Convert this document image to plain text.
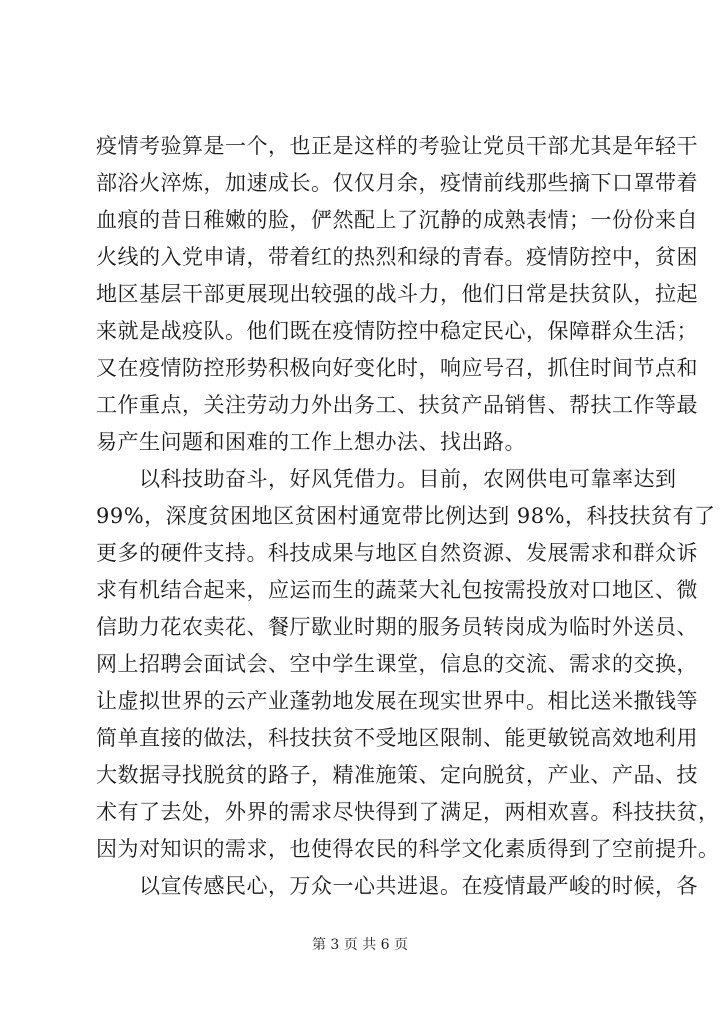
疫情考验算是一个，也正是这样的考验让党员干部尤其是年轻干
部浴火淬炼，加速成长。仅仅月余，疫情前线那些摘下口罩带着
血痕的昔日稚嫩的脸，俨然配上了沉静的成熟表情；一份份来自
火线的入党申请，带着红的热烈和绿的青春。疫情防控中，贫困
地区基层干部更展现出较强的战斗力，他们日常是扶贫队，拉起
来就是战疫队。他们既在疫情防控中稳定民心，保障群众生活；
又在疫情防控形势积极向好变化时，响应号召，抓住时间节点和
工作重点，关注劳动力外出务工、扶贫产品销售、帮扶工作等最
易产生问题和困难的工作上想办法、找出路。
　　以科技助奋斗，好风凭借力。目前，农网供电可靠率达到
99%，深度贫困地区贫困村通宽带比例达到 98%，科技扶贫有了
更多的硬件支持。科技成果与地区自然资源、发展需求和群众诉
求有机结合起来，应运而生的蔬菜大礼包按需投放对口地区、微
信助力花农卖花、餐厅歇业时期的服务员转岗成为临时外送员、
网上招聘会面试会、空中学生课堂，信息的交流、需求的交换，
让虚拟世界的云产业蓬勃地发展在现实世界中。相比送米撒钱等
简单直接的做法，科技扶贫不受地区限制、能更敏锐高效地利用
大数据寻找脱贫的路子，精准施策、定向脱贫，产业、产品、技
术有了去处，外界的需求尽快得到了满足，两相欢喜。科技扶贫，
因为对知识的需求，也使得农民的科学文化素质得到了空前提升。
　　以宣传感民心，万众一心共进退。在疫情最严峻的时候，各
第 3 页 共 6 页
